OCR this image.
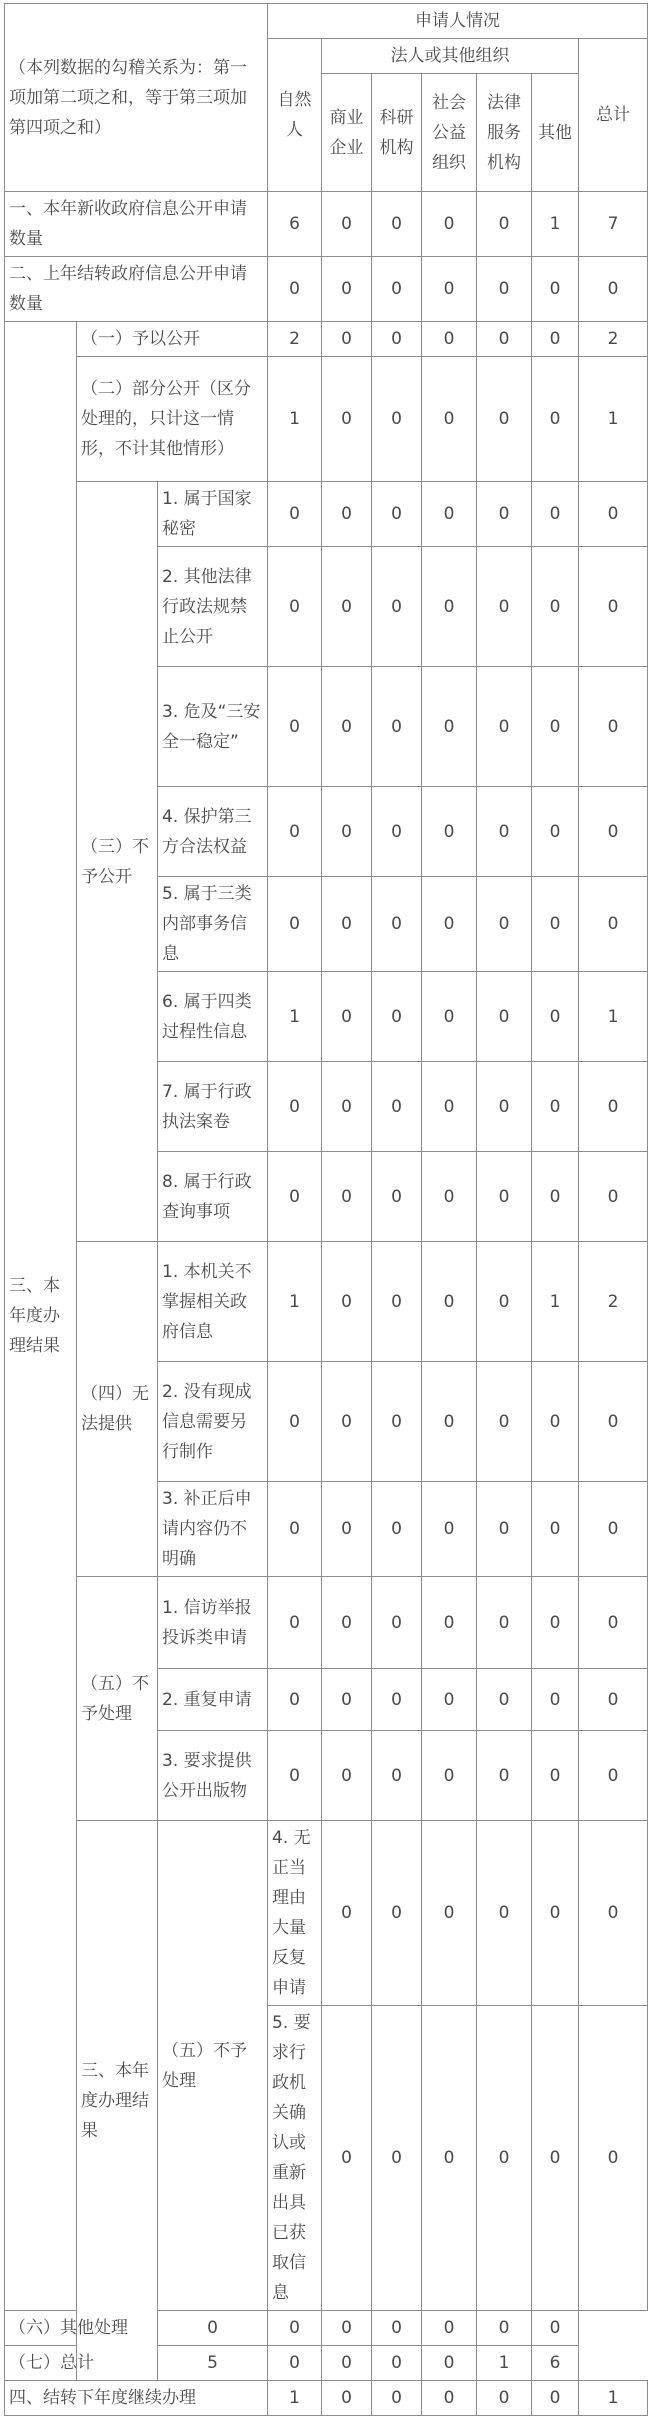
（本列数据的勾稽关系为：第一项加第二项之和，等于第三项加第四项之和）			申请人情况							
			自然人	法人或其他组织					总计	
				商业企业	科研机构	社会公益组织	法律服务机构	其他		
一、本年新收政府信息公开申请数量			6	0	0	0	0	1	7	
二、上年结转政府信息公开申请数量			0	0	0	0	0	0	0	
三、本年度办理结果	（一）予以公开		2	0	0	0	0	0	2	
	（二）部分公开（区分处理的，只计这一情形，不计其他情形）		1	0	0	0	0	0	1	
	（三）不予公开	1. 属于国家秘密	0	0	0	0	0	0	0	
		2. 其他法律行政法规禁止公开	0	0	0	0	0	0	0	
		3. 危及“三安全一稳定”	0	0	0	0	0	0	0	
		4. 保护第三方合法权益	0	0	0	0	0	0	0	
		5. 属于三类内部事务信息	0	0	0	0	0	0	0	
		6. 属于四类过程性信息	1	0	0	0	0	0	1	
		7. 属于行政执法案卷	0	0	0	0	0	0	0	
		8. 属于行政查询事项	0	0	0	0	0	0	0	
	（四）无法提供	1. 本机关不掌握相关政府信息	1	0	0	0	0	1	2	
		2. 没有现成信息需要另行制作	0	0	0	0	0	0	0	
		3. 补正后申请内容仍不明确	0	0	0	0	0	0	0	
	（五）不予处理	1. 信访举报投诉类申请	0	0	0	0	0	0	0	
		2. 重复申请	0	0	0	0	0	0	0	
		3. 要求提供公开出版物	0	0	0	0	0	0	0	
	三、本年度办理结果	（五）不予处理	4. 无正当理由大量反复申请	0	0	0	0	0	0	
			5. 要求行政机关确认或重新出具已获取信息	0	0	0	0	0	0	
（六）其他处理		0	0	0	0	0	0	0		
（七）总计		5	0	0	0	0	1	6		
四、结转下年度继续办理			1	0	0	0	0	0	1	
